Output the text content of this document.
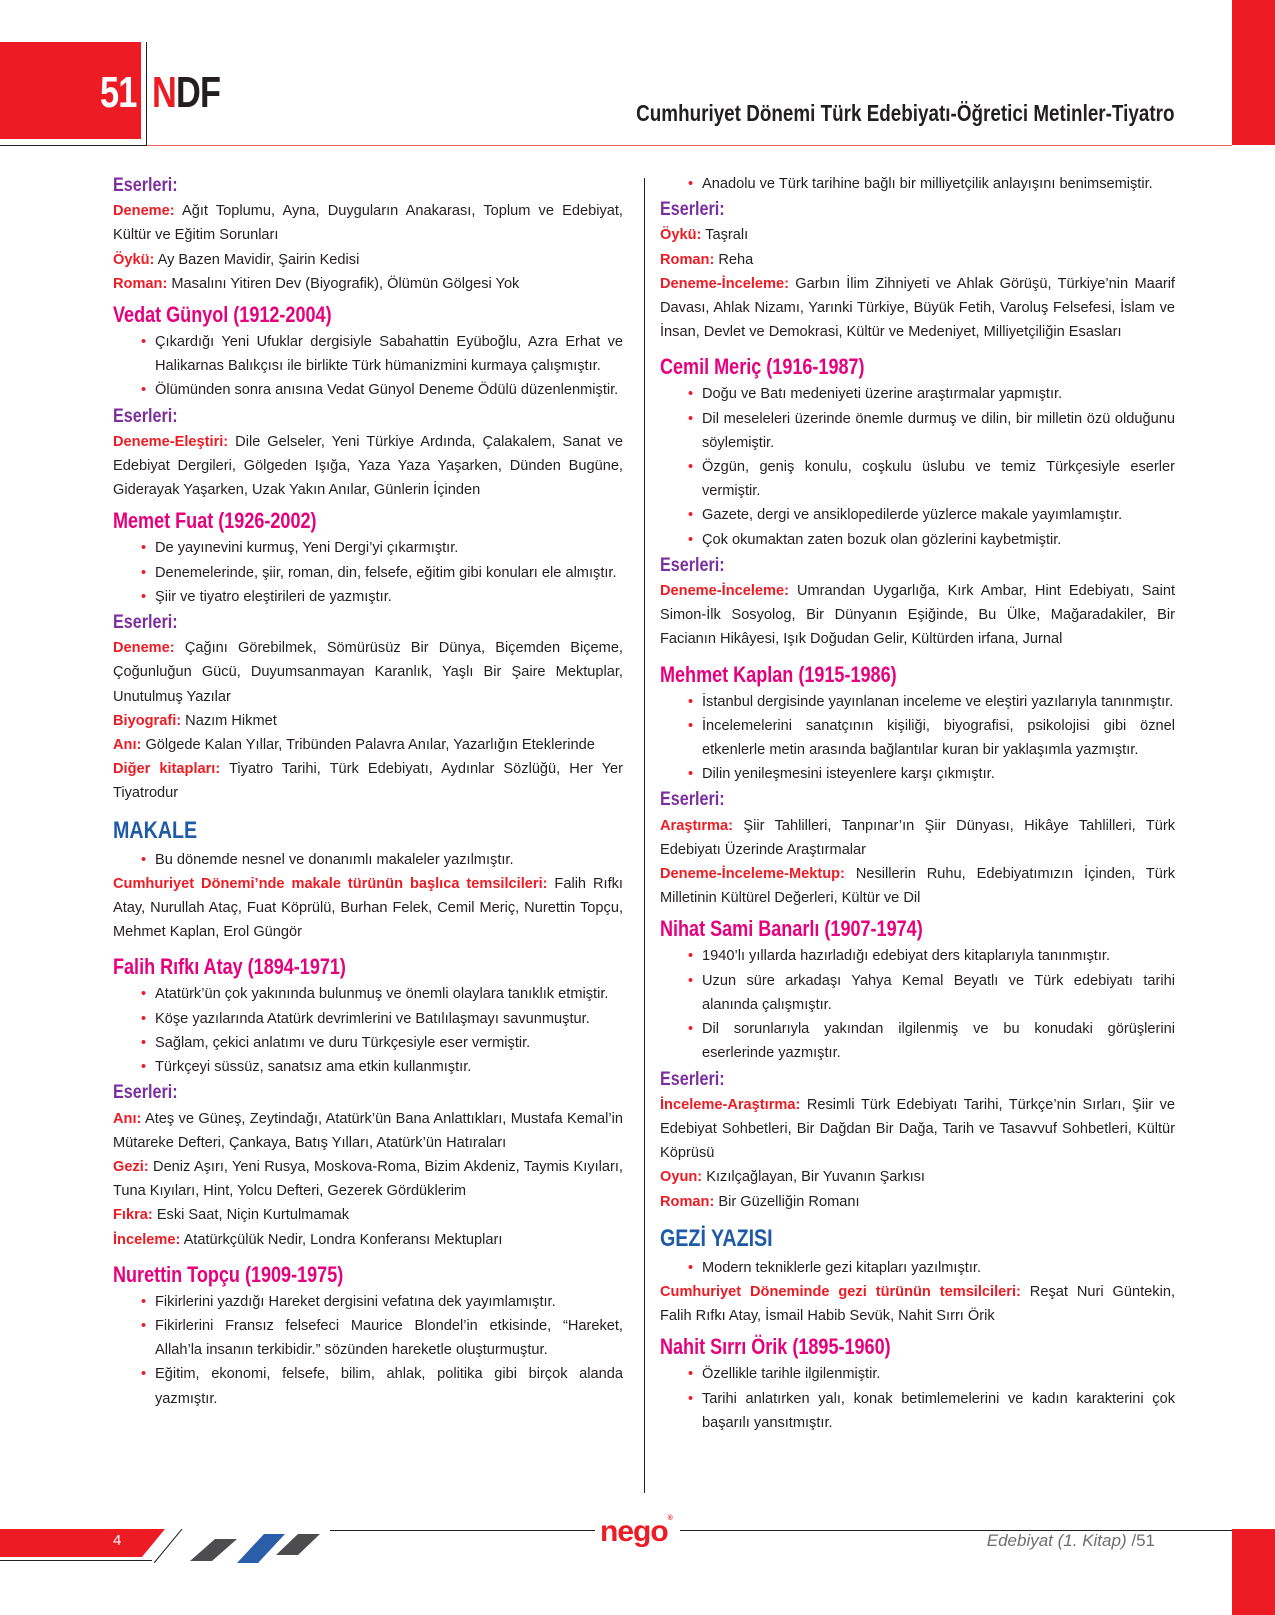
51 NDF	Cumhuriyet Dönemi Türk Edebiyatı-Öğretici Metinler-Tiyatro
Eserleri:

Deneme: Ağıt Toplumu, Ayna, Duyguların Anakarası, Toplum ve Edebiyat, Kültür ve Eğitim Sorunları

Öykü: Ay Bazen Mavidir, Şairin Kedisi

Roman: Masalını Yitiren Dev (Biyografik), Ölümün Gölgesi Yok

Vedat Günyol (1912-2004)
• Çıkardığı Yeni Ufuklar dergisiyle Sabahattin Eyüboğlu, Azra Erhat ve Halikarnas Balıkçısı ile birlikte Türk hümanizmini kurmaya çalışmıştır.
• Ölümünden sonra anısına Vedat Günyol Deneme Ödülü düzenlenmiştir.
Eserleri:

Deneme-Eleştiri: Dile Gelseler, Yeni Türkiye Ardında, Çalakalem, Sanat ve Edebiyat Dergileri, Gölgeden Işığa, Yaza Yaza Yaşarken, Dünden Bugüne, Giderayak Yaşarken, Uzak Yakın Anılar, Günlerin İçinden

Memet Fuat (1926-2002)
• De yayınevini kurmuş, Yeni Dergi’yi çıkarmıştır.
• Denemelerinde, şiir, roman, din, felsefe, eğitim gibi konuları ele almıştır.
• Şiir ve tiyatro eleştirileri de yazmıştır.
Eserleri:

Deneme: Çağını Görebilmek, Sömürüsüz Bir Dünya, Biçemden Biçeme, Çoğunluğun Gücü, Duyumsanmayan Karanlık, Yaşlı Bir Şaire Mektuplar, Unutulmuş Yazılar

Biyografi: Nazım Hikmet

Anı: Gölgede Kalan Yıllar, Tribünden Palavra Anılar, Yazarlığın Eteklerinde

Diğer kitapları: Tiyatro Tarihi, Türk Edebiyatı, Aydınlar Sözlüğü, Her Yer Tiyatrodur

MAKALE
• Bu dönemde nesnel ve donanımlı makaleler yazılmıştır.

Cumhuriyet Dönemi’nde makale türünün başlıca temsilcileri: Falih Rıfkı Atay, Nurullah Ataç, Fuat Köprülü, Burhan Felek, Cemil Meriç, Nurettin Topçu, Mehmet Kaplan, Erol Güngör

Falih Rıfkı Atay (1894-1971)
• Atatürk’ün çok yakınında bulunmuş ve önemli olaylara tanıklık etmiştir.
• Köşe yazılarında Atatürk devrimlerini ve Batılılaşmayı savunmuştur.
• Sağlam, çekici anlatımı ve duru Türkçesiyle eser vermiştir.
• Türkçeyi süssüz, sanatsız ama etkin kullanmıştır.
Eserleri:

Anı: Ateş ve Güneş, Zeytindağı, Atatürk’ün Bana Anlattıkları, Mustafa Kemal’in Mütareke Defteri, Çankaya, Batış Yılları, Atatürk’ün Hatıraları

Gezi: Deniz Aşırı, Yeni Rusya, Moskova-Roma, Bizim Akdeniz, Taymis Kıyıları, Tuna Kıyıları, Hint, Yolcu Defteri, Gezerek Gördüklerim

Fıkra: Eski Saat, Niçin Kurtulmamak

İnceleme: Atatürkçülük Nedir, Londra Konferansı Mektupları

Nurettin Topçu (1909-1975)
• Fikirlerini yazdığı Hareket dergisini vefatına dek yayımlamıştır.
• Fikirlerini Fransız felsefeci Maurice Blondel’in etkisinde, “Hareket, Allah’la insanın terkibidir.” sözünden hareketle oluşturmuştur.
• Eğitim, ekonomi, felsefe, bilim, ahlak, politika gibi birçok alanda yazmıştır.
• Anadolu ve Türk tarihine bağlı bir milliyetçilik anlayışını benimsemiştir.
Eserleri:

Öykü: Taşralı

Roman: Reha

Deneme-İnceleme: Garbın İlim Zihniyeti ve Ahlak Görüşü, Türkiye’nin Maarif Davası, Ahlak Nizamı, Yarınki Türkiye, Büyük Fetih, Varoluş Felsefesi, İslam ve İnsan, Devlet ve Demokrasi, Kültür ve Medeniyet, Milliyetçiliğin Esasları

Cemil Meriç (1916-1987)
• Doğu ve Batı medeniyeti üzerine araştırmalar yapmıştır.
• Dil meseleleri üzerinde önemle durmuş ve dilin, bir milletin özü olduğunu söylemiştir.
• Özgün, geniş konulu, coşkulu üslubu ve temiz Türkçesiyle eserler vermiştir.
• Gazete, dergi ve ansiklopedilerde yüzlerce makale yayımlamıştır.
• Çok okumaktan zaten bozuk olan gözlerini kaybetmiştir.
Eserleri:

Deneme-İnceleme: Umrandan Uygarlığa, Kırk Ambar, Hint Edebiyatı, Saint Simon-İlk Sosyolog, Bir Dünyanın Eşiğinde, Bu Ülke, Mağaradakiler, Bir Facianın Hikâyesi, Işık Doğudan Gelir, Kültürden irfana, Jurnal

Mehmet Kaplan (1915-1986)
• İstanbul dergisinde yayınlanan inceleme ve eleştiri yazılarıyla tanınmıştır.
• İncelemelerini sanatçının kişiliği, biyografisi, psikolojisi gibi öznel etkenlerle metin arasında bağlantılar kuran bir yaklaşımla yazmıştır.
• Dilin yenileşmesini isteyenlere karşı çıkmıştır.
Eserleri:

Araştırma: Şiir Tahlilleri, Tanpınar’ın Şiir Dünyası, Hikâye Tahlilleri, Türk Edebiyatı Üzerinde Araştırmalar

Deneme-İnceleme-Mektup: Nesillerin Ruhu, Edebiyatımızın İçinden, Türk Milletinin Kültürel Değerleri, Kültür ve Dil

Nihat Sami Banarlı (1907-1974)
• 1940’lı yıllarda hazırladığı edebiyat ders kitaplarıyla tanınmıştır.
• Uzun süre arkadaşı Yahya Kemal Beyatlı ve Türk edebiyatı tarihi alanında çalışmıştır.
• Dil sorunlarıyla yakından ilgilenmiş ve bu konudaki görüşlerini eserlerinde yazmıştır.
Eserleri:

İnceleme-Araştırma: Resimli Türk Edebiyatı Tarihi, Türkçe’nin Sırları, Şiir ve Edebiyat Sohbetleri, Bir Dağdan Bir Dağa, Tarih ve Tasavvuf Sohbetleri, Kültür Köprüsü

Oyun: Kızılçağlayan, Bir Yuvanın Şarkısı

Roman: Bir Güzelliğin Romanı

GEZİ YAZISI
• Modern tekniklerle gezi kitapları yazılmıştır.

Cumhuriyet Döneminde gezi türünün temsilcileri: Reşat Nuri Güntekin, Falih Rıfkı Atay, İsmail Habib Sevük, Nahit Sırrı Örik

Nahit Sırrı Örik (1895-1960)
• Özellikle tarihle ilgilenmiştir.
• Tarihi anlatırken yalı, konak betimlemelerini ve kadın karakterini çok başarılı yansıtmıştır.
4	nego®
Edebiyat (1. Kitap) /51
